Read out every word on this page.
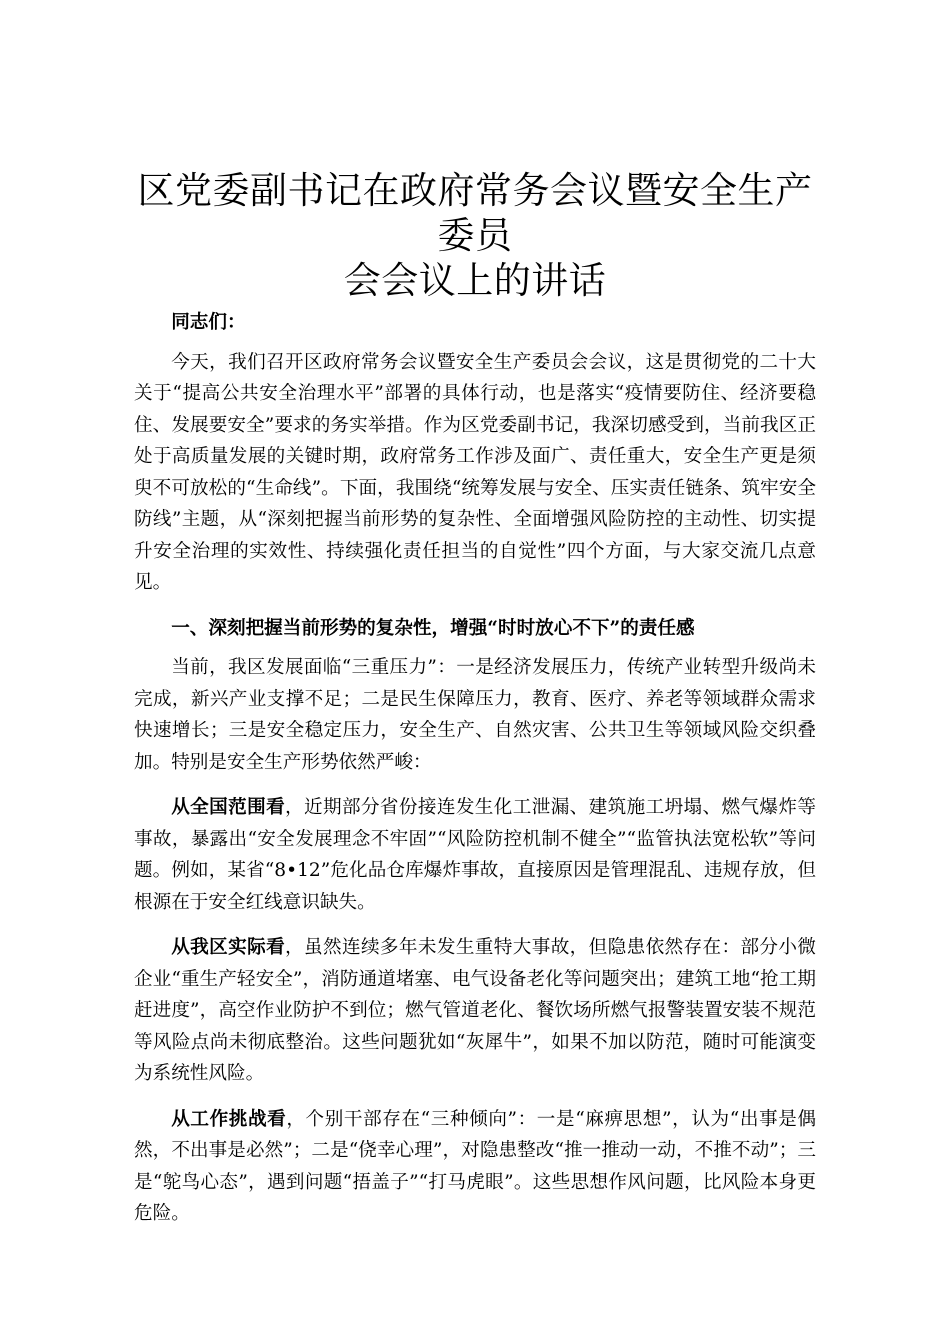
区党委副书记在政府常务会议暨安全生产委员
会会议上的讲话

同志们：

今天，我们召开区政府常务会议暨安全生产委员会会议，这是贯彻党的二十大关于“提高公共安全治理水平”部署的具体行动，也是落实“疫情要防住、经济要稳住、发展要安全”要求的务实举措。作为区党委副书记，我深切感受到，当前我区正处于高质量发展的关键时期，政府常务工作涉及面广、责任重大，安全生产更是须臾不可放松的“生命线”。下面，我围绕“统筹发展与安全、压实责任链条、筑牢安全防线”主题，从“深刻把握当前形势的复杂性、全面增强风险防控的主动性、切实提升安全治理的实效性、持续强化责任担当的自觉性”四个方面，与大家交流几点意见。

一、深刻把握当前形势的复杂性，增强“时时放心不下”的责任感

当前，我区发展面临“三重压力”：一是经济发展压力，传统产业转型升级尚未完成，新兴产业支撑不足；二是民生保障压力，教育、医疗、养老等领域群众需求快速增长；三是安全稳定压力，安全生产、自然灾害、公共卫生等领域风险交织叠加。特别是安全生产形势依然严峻：

从全国范围看，近期部分省份接连发生化工泄漏、建筑施工坍塌、燃气爆炸等事故，暴露出“安全发展理念不牢固”“风险防控机制不健全”“监管执法宽松软”等问题。例如，某省“8•12”危化品仓库爆炸事故，直接原因是管理混乱、违规存放，但根源在于安全红线意识缺失。

从我区实际看，虽然连续多年未发生重特大事故，但隐患依然存在：部分小微企业“重生产轻安全”，消防通道堵塞、电气设备老化等问题突出；建筑工地“抢工期赶进度”，高空作业防护不到位；燃气管道老化、餐饮场所燃气报警装置安装不规范等风险点尚未彻底整治。这些问题犹如“灰犀牛”，如果不加以防范，随时可能演变为系统性风险。

从工作挑战看，个别干部存在“三种倾向”：一是“麻痹思想”，认为“出事是偶然，不出事是必然”；二是“侥幸心理”，对隐患整改“推一推动一动，不推不动”；三是“鸵鸟心态”，遇到问题“捂盖子”“打马虎眼”。这些思想作风问题，比风险本身更危险。
